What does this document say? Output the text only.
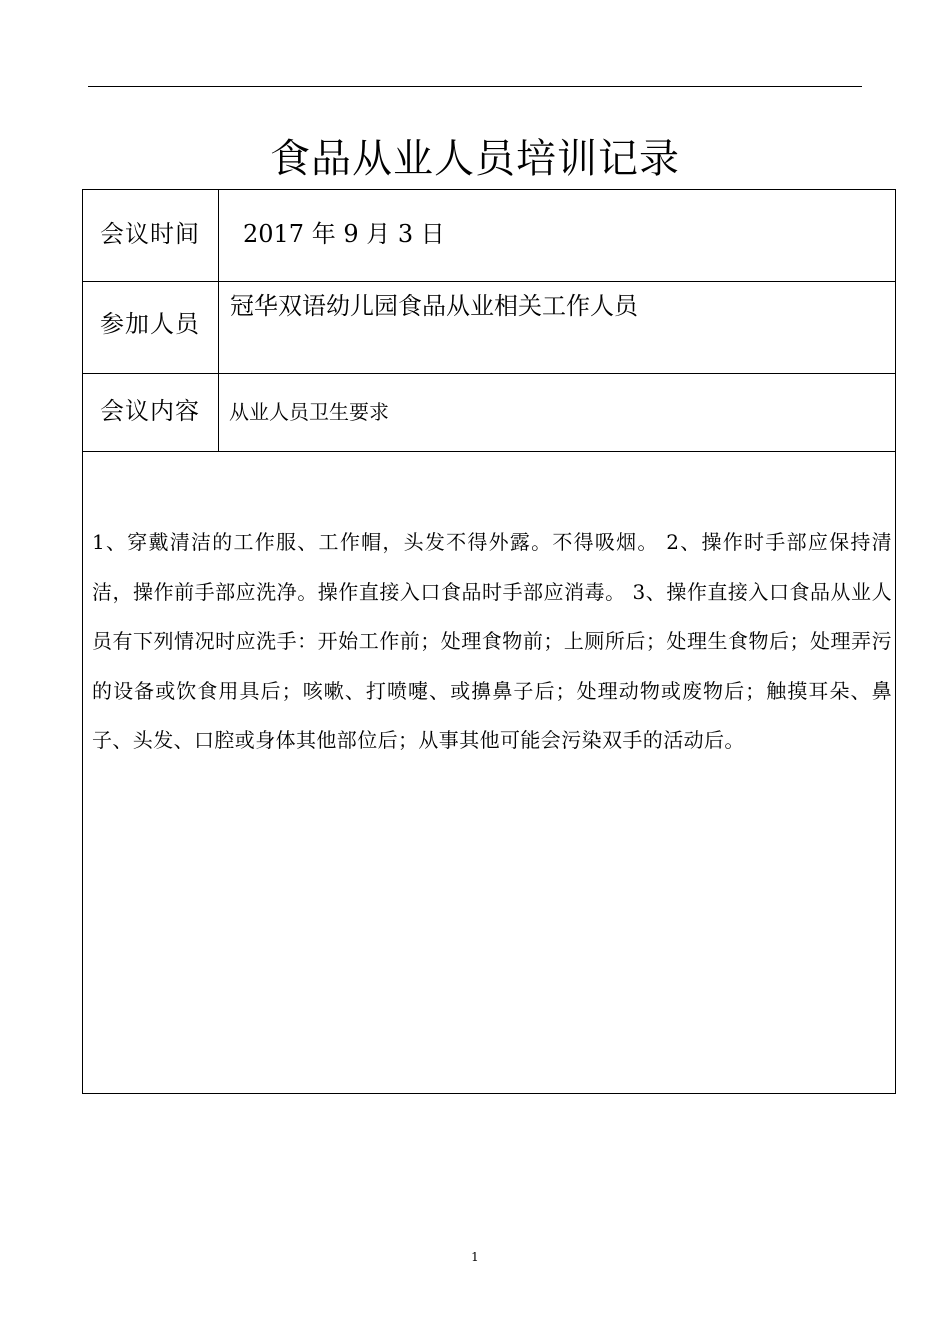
食品从业人员培训记录
会议时间 2017 年 9 月 3 日
参加人员
冠华双语幼儿园食品从业相关工作人员
会议内容 从业人员卫生要求

1、穿戴清洁的工作服、工作帽，头发不得外露。不得吸烟。 2、操作时手部应保持清洁，操作前手部应洗净。操作直接入口食品时手部应消毒。 3、操作直接入口食品从业人员有下列情况时应洗手：开始工作前；处理食物前；上厕所后；处理生食物后；处理弄污的设备或饮食用具后；咳嗽、打喷嚏、或擤鼻子后；处理动物或废物后；触摸耳朵、鼻子、头发、口腔或身体其他部位后；从事其他可能会污染双手的活动后。

1
